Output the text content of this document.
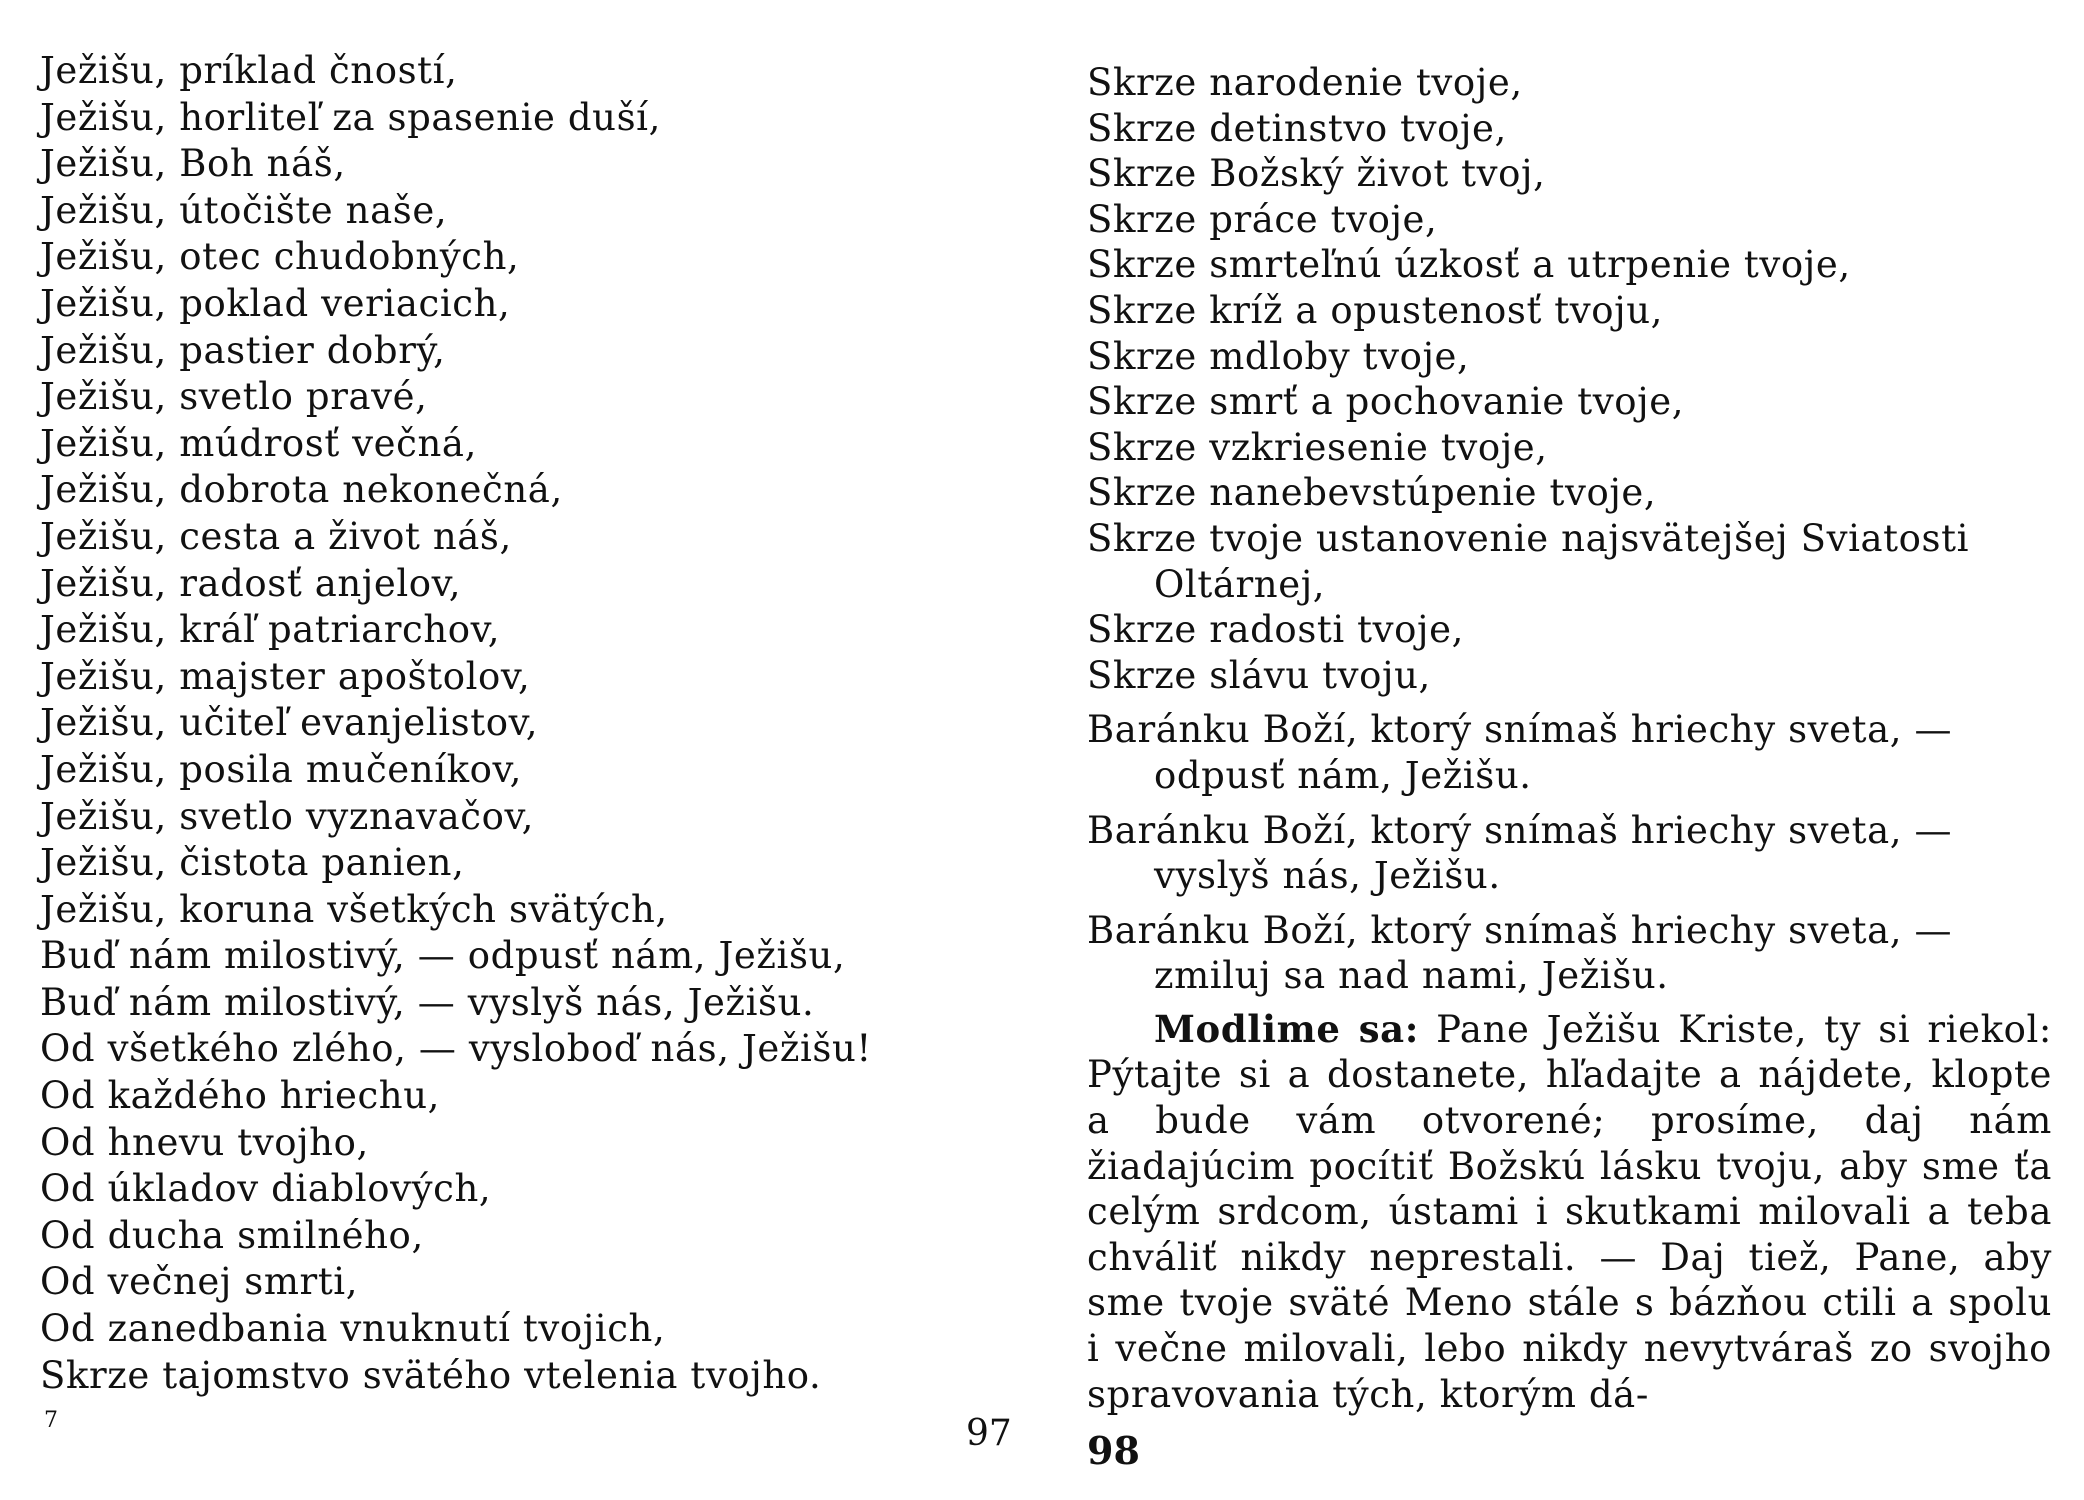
Ježišu, príklad čností,
Ježišu, horliteľ za spasenie duší,
Ježišu, Boh náš,
Ježišu, útočište naše,
Ježišu, otec chudobných,
Ježišu, poklad veriacich,
Ježišu, pastier dobrý,
Ježišu, svetlo pravé,
Ježišu, múdrosť večná,
Ježišu, dobrota nekonečná,
Ježišu, cesta a život náš,
Ježišu, radosť anjelov,
Ježišu, kráľ patriarchov,
Ježišu, majster apoštolov,
Ježišu, učiteľ evanjelistov,
Ježišu, posila mučeníkov,
Ježišu, svetlo vyznavačov,
Ježišu, čistota panien,
Ježišu, koruna všetkých svätých,
Buď nám milostivý, — odpusť nám, Ježišu,
Buď nám milostivý, — vyslyš nás, Ježišu.
Od všetkého zlého, — vysloboď nás, Ježišu!
Od každého hriechu,
Od hnevu tvojho,
Od úkladov diablových,
Od ducha smilného,
Od večnej smrti,
Od zanedbania vnuknutí tvojich,
Skrze tajomstvo svätého vtelenia tvojho.
7	97
Skrze narodenie tvoje,
Skrze detinstvo tvoje,
Skrze Božský život tvoj,
Skrze práce tvoje,
Skrze smrteľnú úzkosť a utrpenie tvoje,
Skrze kríž a opustenosť tvoju,
Skrze mdloby tvoje,
Skrze smrť a pochovanie tvoje,
Skrze vzkriesenie tvoje,
Skrze nanebevstúpenie tvoje,
Skrze tvoje ustanovenie najsvätejšej Sviatosti
Oltárnej,
Skrze radosti tvoje,
Skrze slávu tvoju,
Baránku Boží, ktorý snímaš hriechy sveta, —
odpusť nám, Ježišu.
Baránku Boží, ktorý snímaš hriechy sveta, —
vyslyš nás, Ježišu.
Baránku Boží, ktorý snímaš hriechy sveta, —
zmiluj sa nad nami, Ježišu.
Modlime sa: Pane Ježišu Kriste, ty si riekol: Pýtajte si a dostanete, hľadajte a nájdete, klopte a bude vám otvorené; prosíme, daj nám žiadajúcim pocítiť Božskú lásku tvoju, aby sme ťa celým srdcom, ústami i skutkami milovali a teba chváliť nikdy neprestali. — Daj tiež, Pane, aby sme tvoje sväté Meno stále s bázňou ctili a spolu i večne milovali, lebo nikdy nevytváraš zo svojho spravovania tých, ktorým dá-
98
